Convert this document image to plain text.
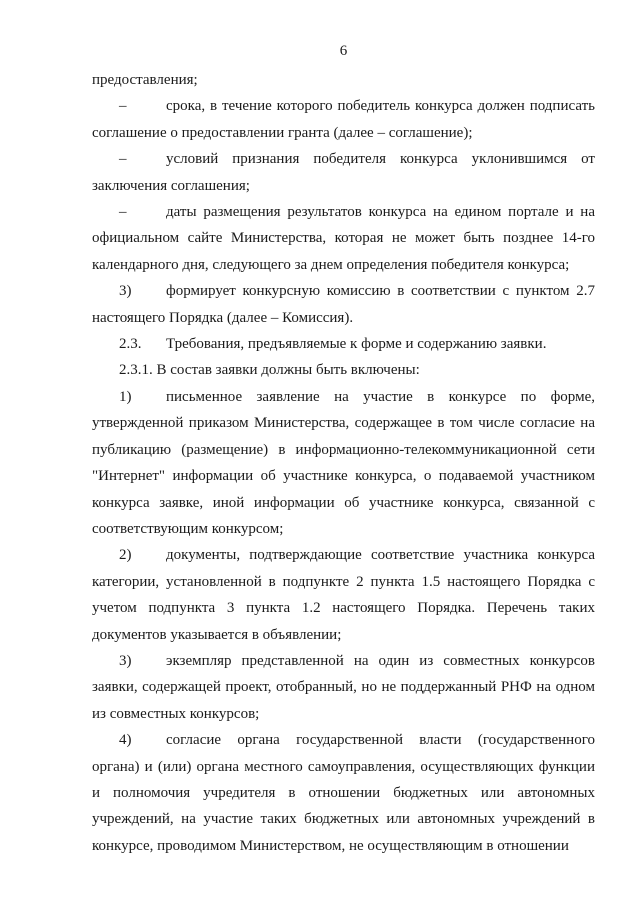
6

предоставления;

–	срока, в течение которого победитель конкурса должен подписать соглашение о предоставлении гранта (далее – соглашение);

–	условий признания победителя конкурса уклонившимся от заключения соглашения;

–	даты размещения результатов конкурса на едином портале и на официальном сайте Министерства, которая не может быть позднее 14-го календарного дня, следующего за днем определения победителя конкурса;

3) формирует конкурсную комиссию в соответствии с пунктом 2.7 настоящего Порядка (далее – Комиссия).

2.3. Требования, предъявляемые к форме и содержанию заявки.

2.3.1. В состав заявки должны быть включены:

1) письменное заявление на участие в конкурсе по форме, утвержденной приказом Министерства, содержащее в том числе согласие на публикацию (размещение) в информационно-телекоммуникационной сети "Интернет" информации об участнике конкурса, о подаваемой участником конкурса заявке, иной информации об участнике конкурса, связанной с соответствующим конкурсом;

2) документы, подтверждающие соответствие участника конкурса категории, установленной в подпункте 2 пункта 1.5 настоящего Порядка с учетом подпункта 3 пункта 1.2 настоящего Порядка. Перечень таких документов указывается в объявлении;

3) экземпляр представленной на один из совместных конкурсов заявки, содержащей проект, отобранный, но не поддержанный РНФ на одном из совместных конкурсов;

4) согласие органа государственной власти (государственного органа) и (или) органа местного самоуправления, осуществляющих функции и полномочия учредителя в отношении бюджетных или автономных учреждений, на участие таких бюджетных или автономных учреждений в конкурсе, проводимом Министерством, не осуществляющим в отношении
